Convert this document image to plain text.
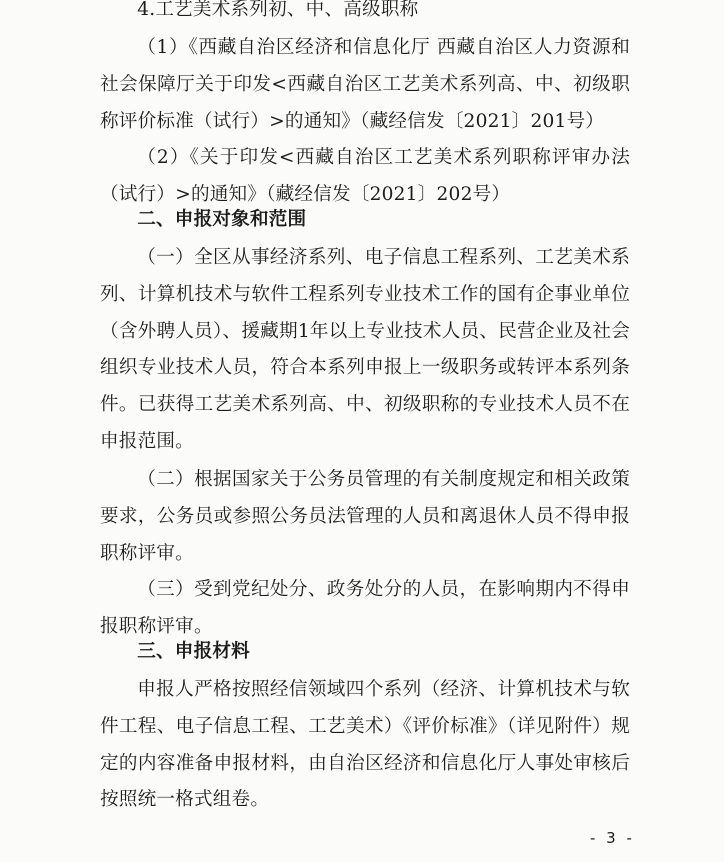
4.工艺美术系列初、中、高级职称

（1）《西藏自治区经济和信息化厅 西藏自治区人力资源和社会保障厅关于印发<西藏自治区工艺美术系列高、中、初级职称评价标准（试行）>的通知》（藏经信发〔2021〕201号）

（2）《关于印发<西藏自治区工艺美术系列职称评审办法（试行）>的通知》（藏经信发〔2021〕202号）

二、申报对象和范围

（一）全区从事经济系列、电子信息工程系列、工艺美术系列、计算机技术与软件工程系列专业技术工作的国有企事业单位（含外聘人员）、援藏期1年以上专业技术人员、民营企业及社会组织专业技术人员，符合本系列申报上一级职务或转评本系列条件。已获得工艺美术系列高、中、初级职称的专业技术人员不在申报范围。

（二）根据国家关于公务员管理的有关制度规定和相关政策要求，公务员或参照公务员法管理的人员和离退休人员不得申报职称评审。

（三）受到党纪处分、政务处分的人员，在影响期内不得申报职称评审。

三、申报材料

申报人严格按照经信领域四个系列（经济、计算机技术与软件工程、电子信息工程、工艺美术）《评价标准》（详见附件）规定的内容准备申报材料，由自治区经济和信息化厅人事处审核后按照统一格式组卷。

- 3 -
